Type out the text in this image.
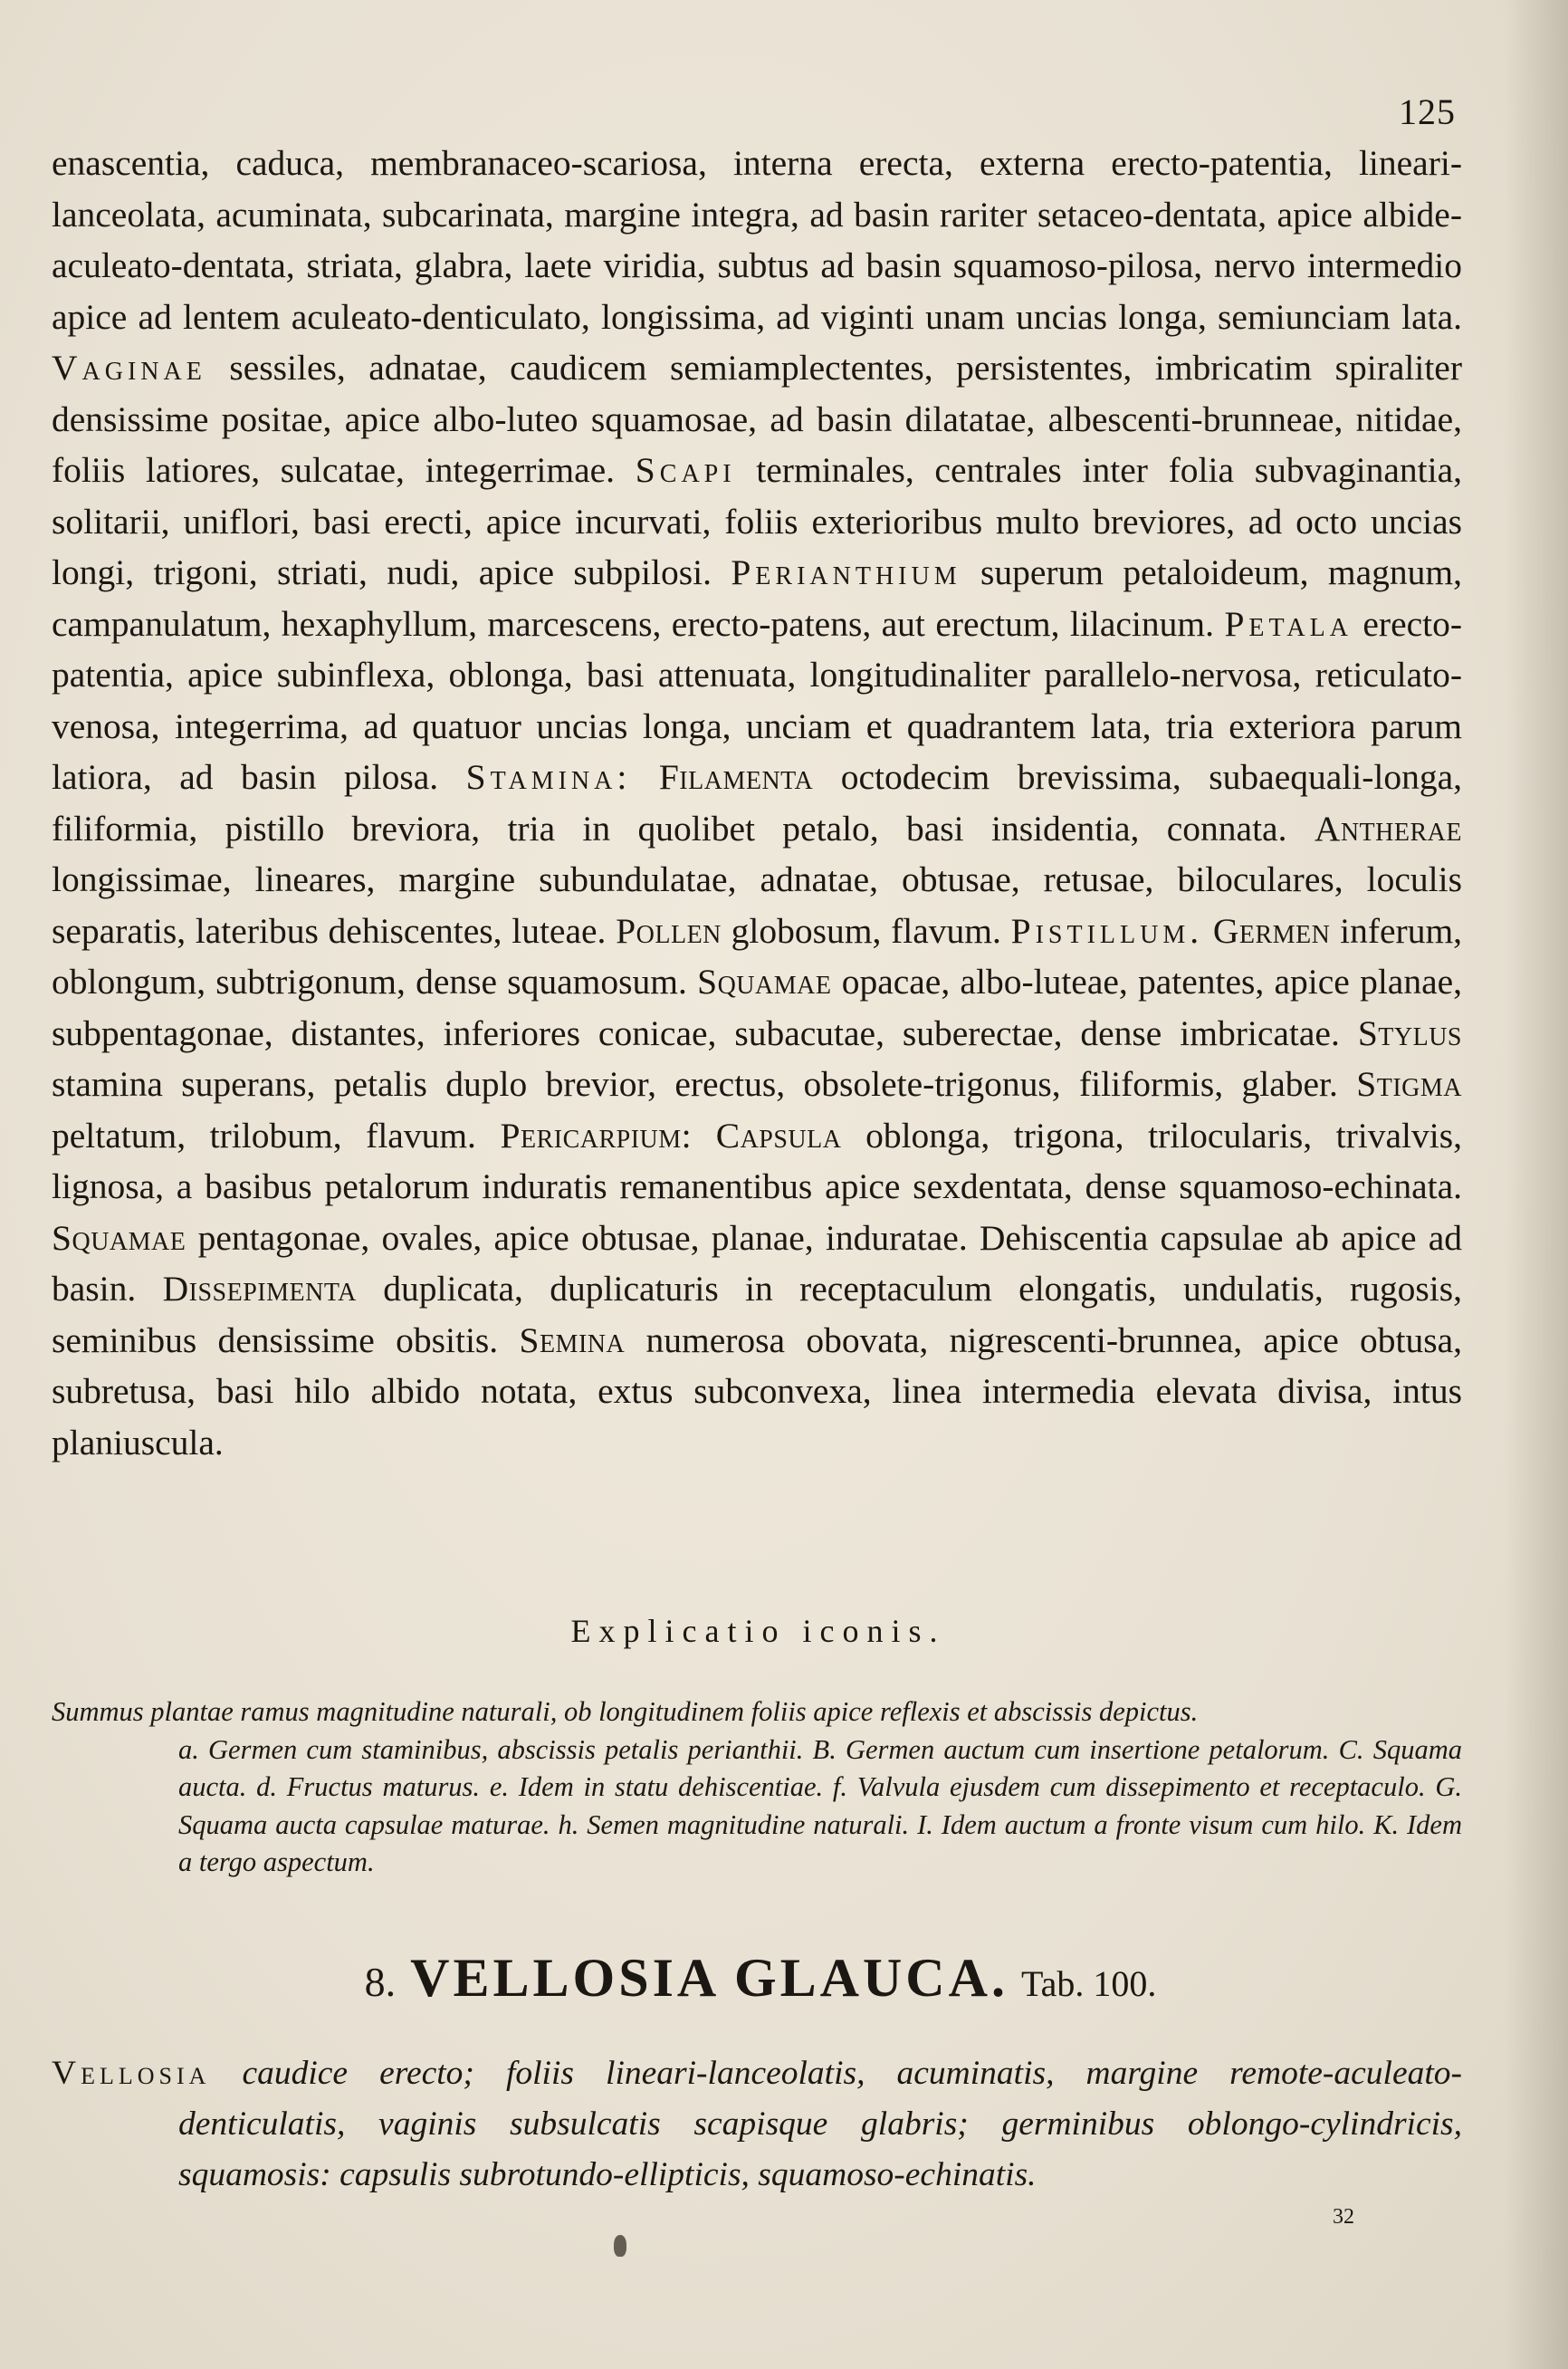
125
enascentia, caduca, membranaceo-scariosa, interna erecta, externa erecto-patentia, lineari-lanceolata, acuminata, subcarinata, margine integra, ad basin rariter setaceo-dentata, apice albide-aculeato-dentata, striata, glabra, laete viridia, subtus ad basin squamoso-pilosa, nervo intermedio apice ad lentem aculeato-denticulato, longissima, ad viginti unam uncias longa, semiunciam lata. Vaginae sessiles, adnatae, caudicem semiamplectentes, persistentes, imbricatim spiraliter densissime positae, apice albo-luteo squamosae, ad basin dilatatae, albescenti-brunneae, nitidae, foliis latiores, sulcatae, integerrimae. Scapi terminales, centrales inter folia subvaginantia, solitarii, uniflori, basi erecti, apice incurvati, foliis exterioribus multo breviores, ad octo uncias longi, trigoni, striati, nudi, apice subpilosi. Perianthium superum petaloideum, magnum, campanulatum, hexaphyllum, marcescens, erecto-patens, aut erectum, lilacinum. Petala erecto-patentia, apice subinflexa, oblonga, basi attenuata, longitudinaliter parallelo-nervosa, reticulato-venosa, integerrima, ad quatuor uncias longa, unciam et quadrantem lata, tria exteriora parum latiora, ad basin pilosa. Stamina: Filamenta octodecim brevissima, subaequali-longa, filiformia, pistillo breviora, tria in quolibet petalo, basi insidentia, connata. Antherae longissimae, lineares, margine subundulatae, adnatae, obtusae, retusae, biloculares, loculis separatis, lateribus dehiscentes, luteae. Pollen globosum, flavum. Pistillum. Germen inferum, oblongum, subtrigonum, dense squamosum. Squamae opacae, albo-luteae, patentes, apice planae, subpentagonae, distantes, inferiores conicae, subacutae, suberectae, dense imbricatae. Stylus stamina superans, petalis duplo brevior, erectus, obsolete-trigonus, filiformis, glaber. Stigma peltatum, trilobum, flavum. Pericarpium: Capsula oblonga, trigona, trilocularis, trivalvis, lignosa, a basibus petalorum induratis remanentibus apice sexdentata, dense squamoso-echinata. Squamae pentagonae, ovales, apice obtusae, planae, induratae. Dehiscentia capsulae ab apice ad basin. Dissepimenta duplicata, duplicaturis in receptaculum elongatis, undulatis, rugosis, seminibus densissime obsitis. Semina numerosa obovata, nigrescenti-brunnea, apice obtusa, subretusa, basi hilo albido notata, extus subconvexa, linea intermedia elevata divisa, intus planiuscula.
Explicatio iconis.

Summus plantae ramus magnitudine naturali, ob longitudinem foliis apice reflexis et abscissis depictus.

a. Germen cum staminibus, abscissis petalis perianthii. B. Germen auctum cum insertione petalorum. C. Squama aucta. d. Fructus maturus. e. Idem in statu dehiscentiae. f. Valvula ejusdem cum dissepimento et receptaculo. G. Squama aucta capsulae maturae. h. Semen magnitudine naturali. I. Idem auctum a fronte visum cum hilo. K. Idem a tergo aspectum.

8. VELLOSIA GLAUCA. Tab. 100.

Vellosia caudice erecto; foliis lineari-lanceolatis, acuminatis, margine remote-aculeato-denticulatis, vaginis subsulcatis scapisque glabris; germinibus oblongo-cylindricis, squamosis: capsulis subrotundo-ellipticis, squamoso-echinatis.

32
